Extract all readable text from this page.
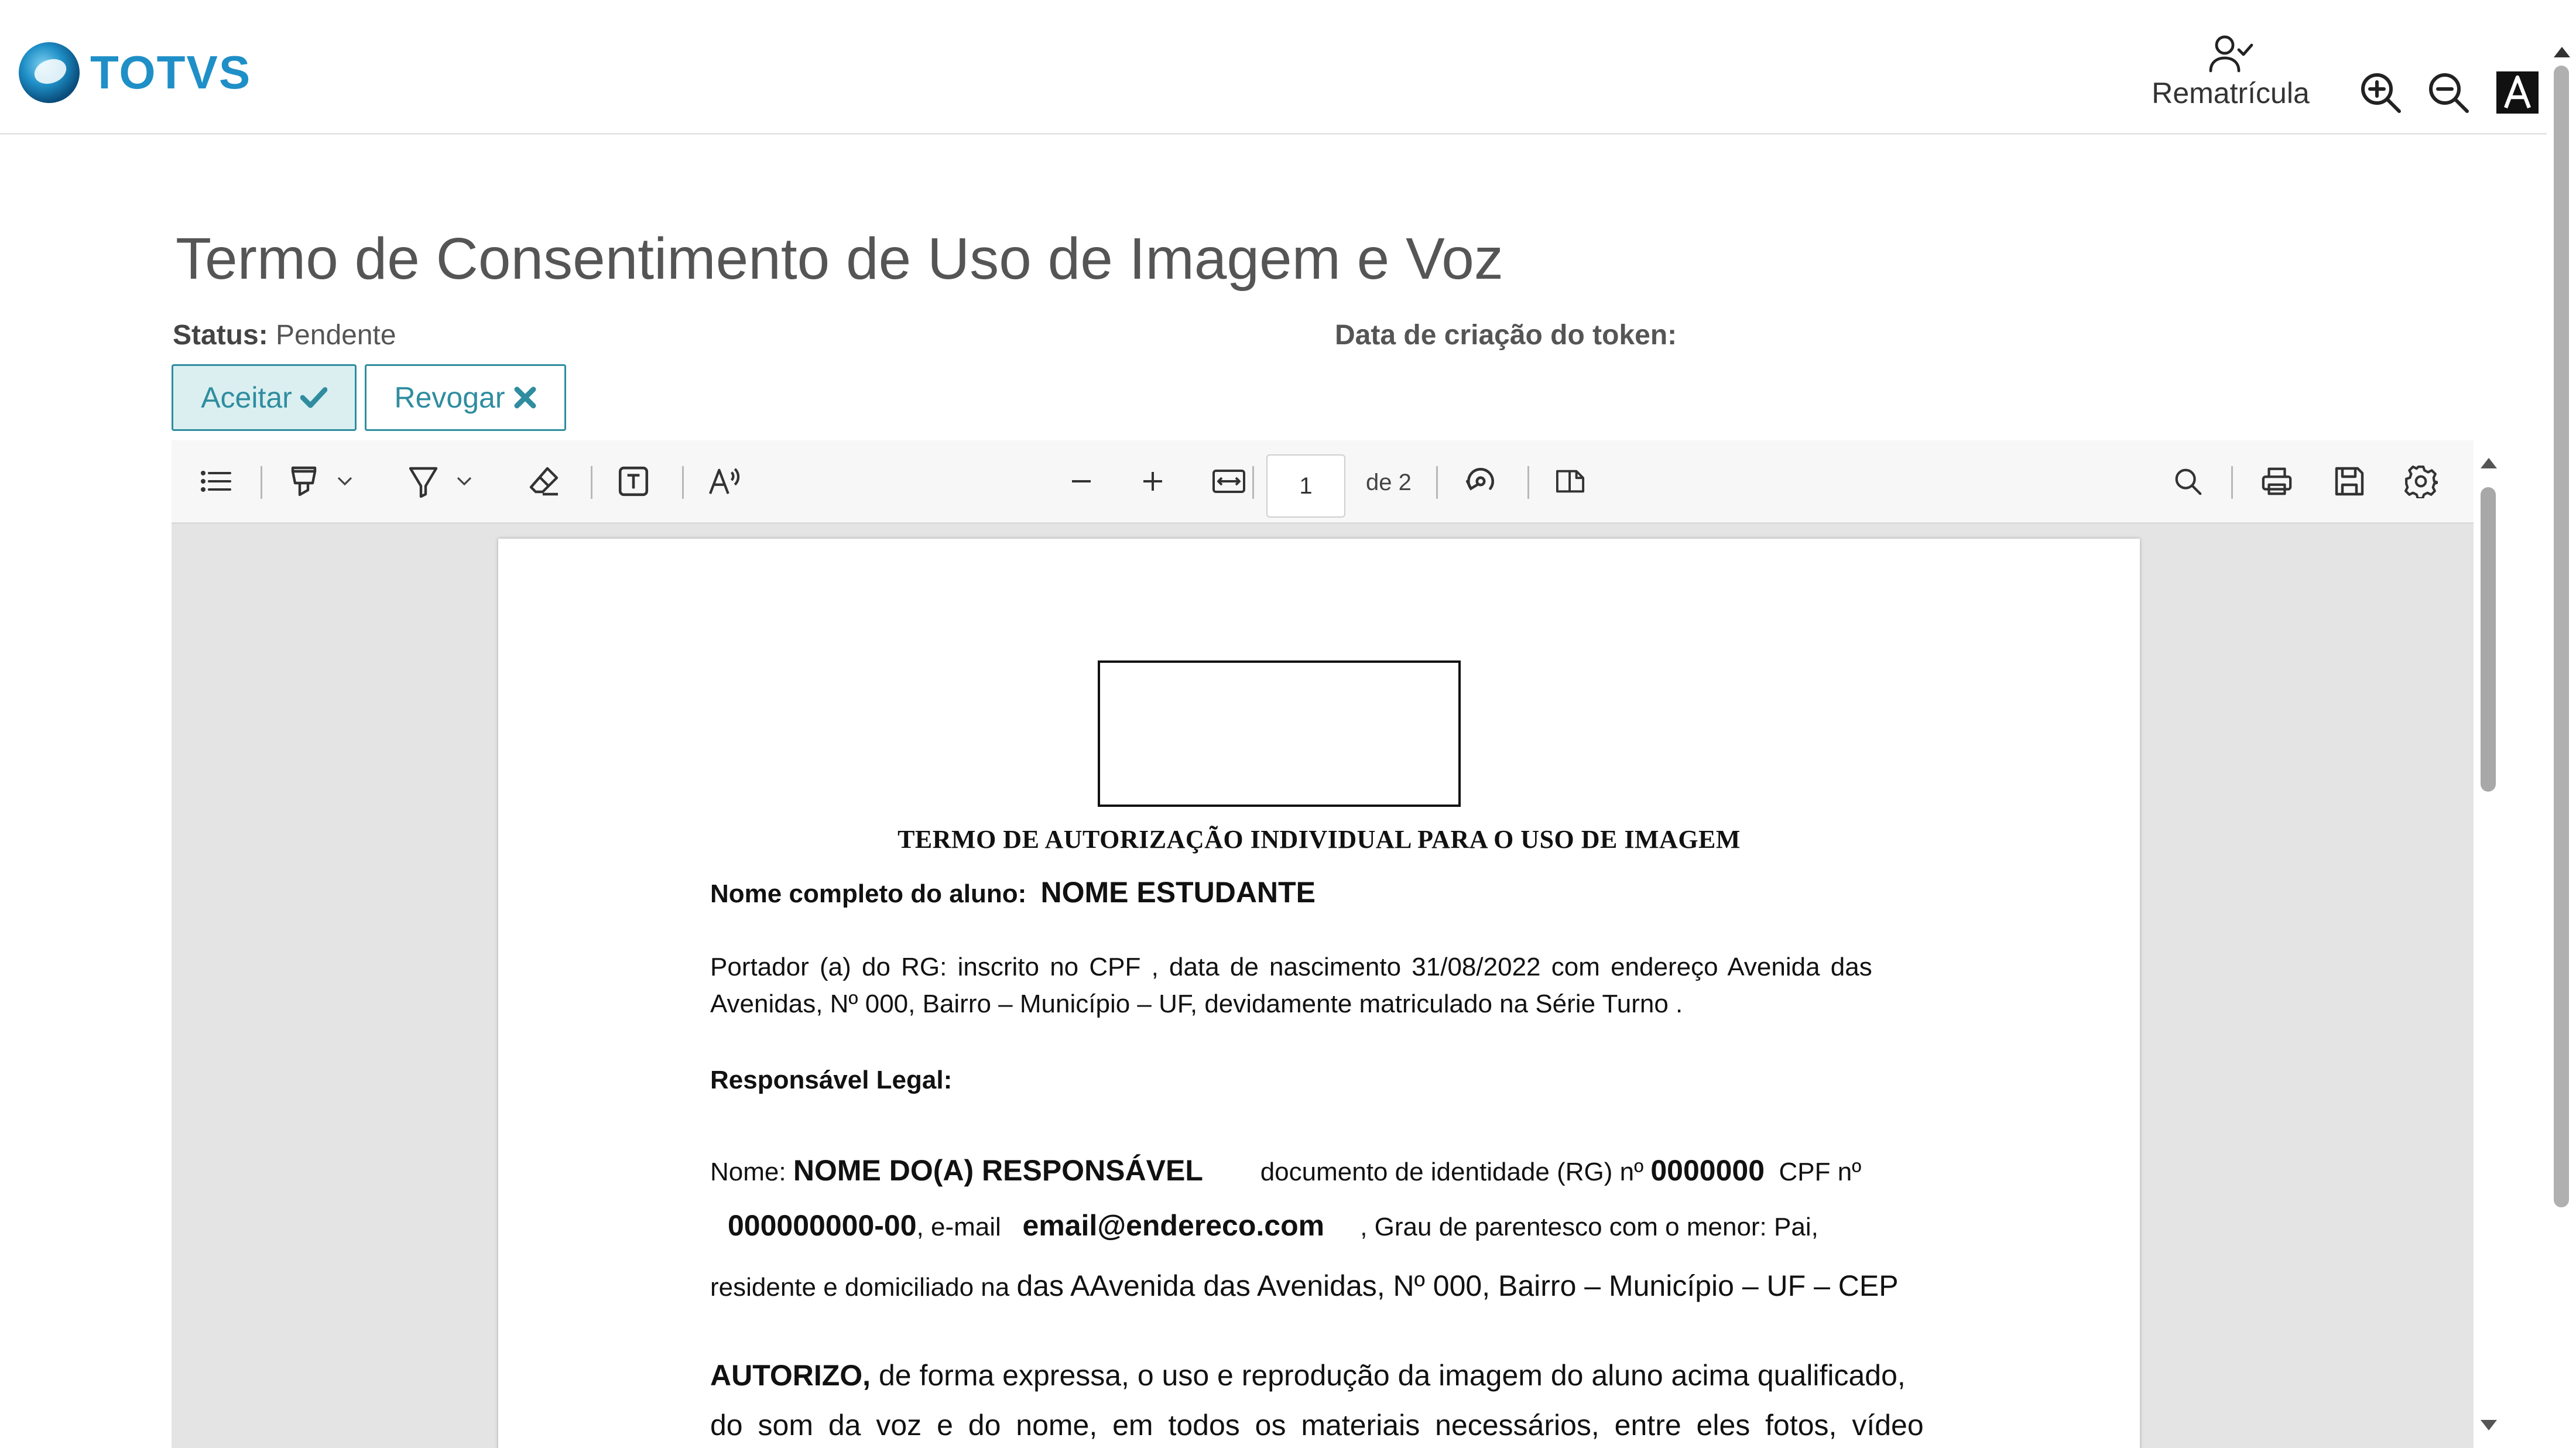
TOTVS	Rematrícula
Termo de Consentimento de Uso de Imagem e Voz
Status: Pendente	Data de criação do token:
Aceitar	Revogar
1
de 2
TERMO DE AUTORIZAÇÃO INDIVIDUAL PARA O USO DE IMAGEM
Nome completo do aluno: NOME ESTUDANTE
Portador (a) do RG: inscrito no CPF , data de nascimento 31/08/2022 com endereço Avenida das
Avenidas, Nº 000, Bairro – Município – UF, devidamente matriculado na Série Turno .
Responsável Legal:
Nome: NOME DO(A) RESPONSÁVEL        documento de identidade (RG) nº 0000000  CPF nº
000000000-00, e-mail   email@endereco.com     , Grau de parentesco com o menor: Pai,
residente e domiciliado na das AAvenida das Avenidas, Nº 000, Bairro – Município – UF – CEP
AUTORIZO, de forma expressa, o uso e reprodução da imagem do aluno acima qualificado,
do som da voz e do nome, em todos os materiais necessários, entre eles fotos, vídeo
